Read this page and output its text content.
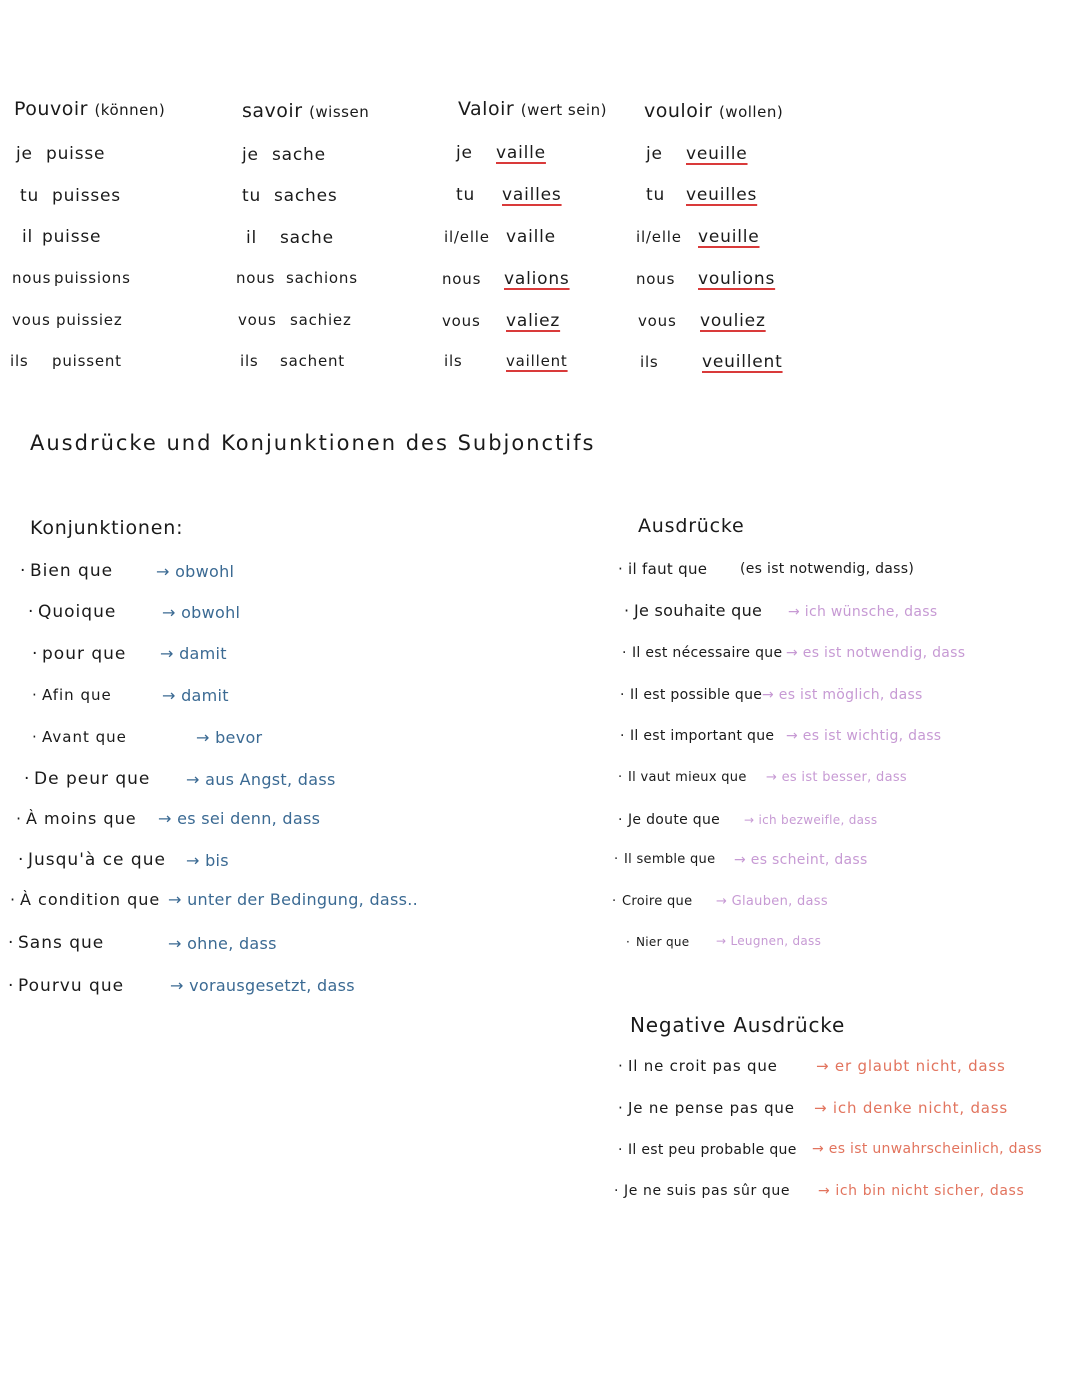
Pouvoir (können)
je puisse
tu puisses
il puisse
nous puissions
vous puissiez
ils puissent
savoir (wissen
je sache
tu saches
il sache
nous sachions
vous sachiez
ils sachent
Valoir (wert sein)
je vaille
tu vailles
il/elle vaille
nous valions
vous valiez
ils	vaillent
vouloir (wollen)
je veuille
tu veuilles
il/elle veuille
nous voulions
vous vouliez
ils	veuillent
Ausdrücke und Konjunktionen des Subjonctifs
Konjunktionen:
· Bien que	→ obwohl
· Quoique	→ obwohl
· pour que → damit
· Afin que	→ damit
· Avant que	→ bevor
· De peur que → aus Angst, dass
· À moins que → es sei denn, dass
· Jusqu'à ce que → bis
· À condition que → unter der Bedingung, dass..
· Sans que	→ ohne, dass
· Pourvu que	→ vorausgesetzt, dass
Ausdrücke
· il faut que (es ist notwendig, dass)
· Je souhaite que → ich wünsche, dass
· Il est nécessaire que → es ist notwendig, dass
· Il est possible que → es ist möglich, dass
· Il est important que → es ist wichtig, dass
· Il vaut mieux que → es ist besser, dass
· Je doute que → ich bezweifle, dass
· Il semble que → es scheint, dass
· Croire que → Glauben, dass
· Nier que → Leugnen, dass
Negative Ausdrücke
· Il ne croit pas que	→ er glaubt nicht, dass
· Je ne pense pas que → ich denke nicht, dass
· Il est peu probable que → es ist unwahrscheinlich, dass
· Je ne suis pas sûr que → ich bin nicht sicher, dass
